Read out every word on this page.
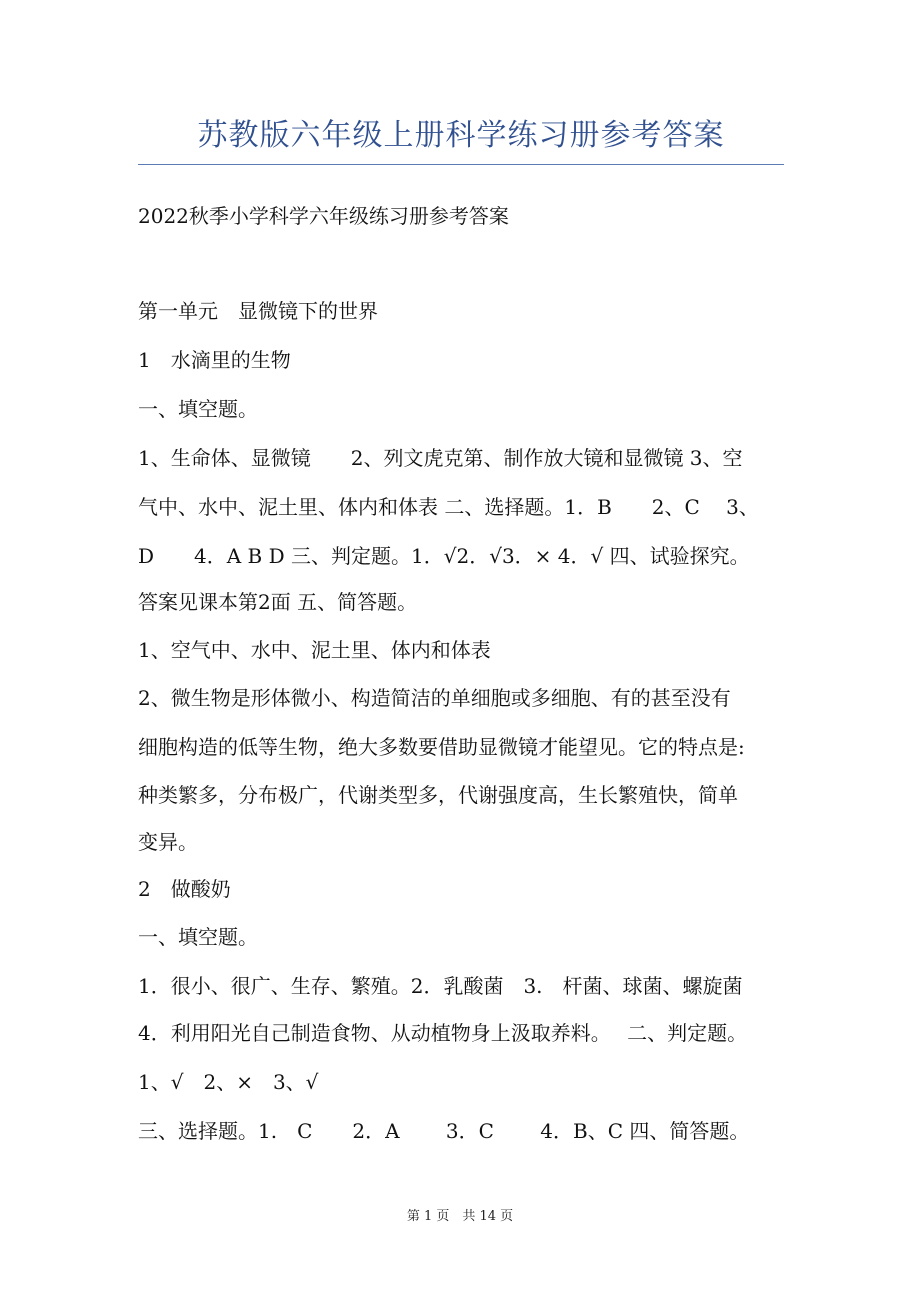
苏教版六年级上册科学练习册参考答案
2022秋季小学科学六年级练习册参考答案
第一单元　显微镜下的世界
1　水滴里的生物
一、填空题。
1、生命体、显微镜　　2、列文虎克第、制作放大镜和显微镜 3、空
气中、水中、泥土里、体内和体表 二、选择题。1．B　　2、C　 3、
D　　4．A B D 三、判定题。1．√2．√3．× 4．√ 四、试验探究。
答案见课本第2面 五、简答题。
1、空气中、水中、泥土里、体内和体表
2、微生物是形体微小、构造简洁的单细胞或多细胞、有的甚至没有
细胞构造的低等生物，绝大多数要借助显微镜才能望见。它的特点是:
种类繁多，分布极广，代谢类型多，代谢强度高，生长繁殖快，简单
变异。
2　做酸奶
一、填空题。
1．很小、很广、生存、繁殖。2．乳酸菌　3.　杆菌、球菌、螺旋菌
4．利用阳光自己制造食物、从动植物身上汲取养料。　 二、判定题。
1、√　2、×　3、√
三、选择题。1.　C　　2．A　　 3．C　　 4．B、C 四、简答题。
第 1 页　共 14 页
